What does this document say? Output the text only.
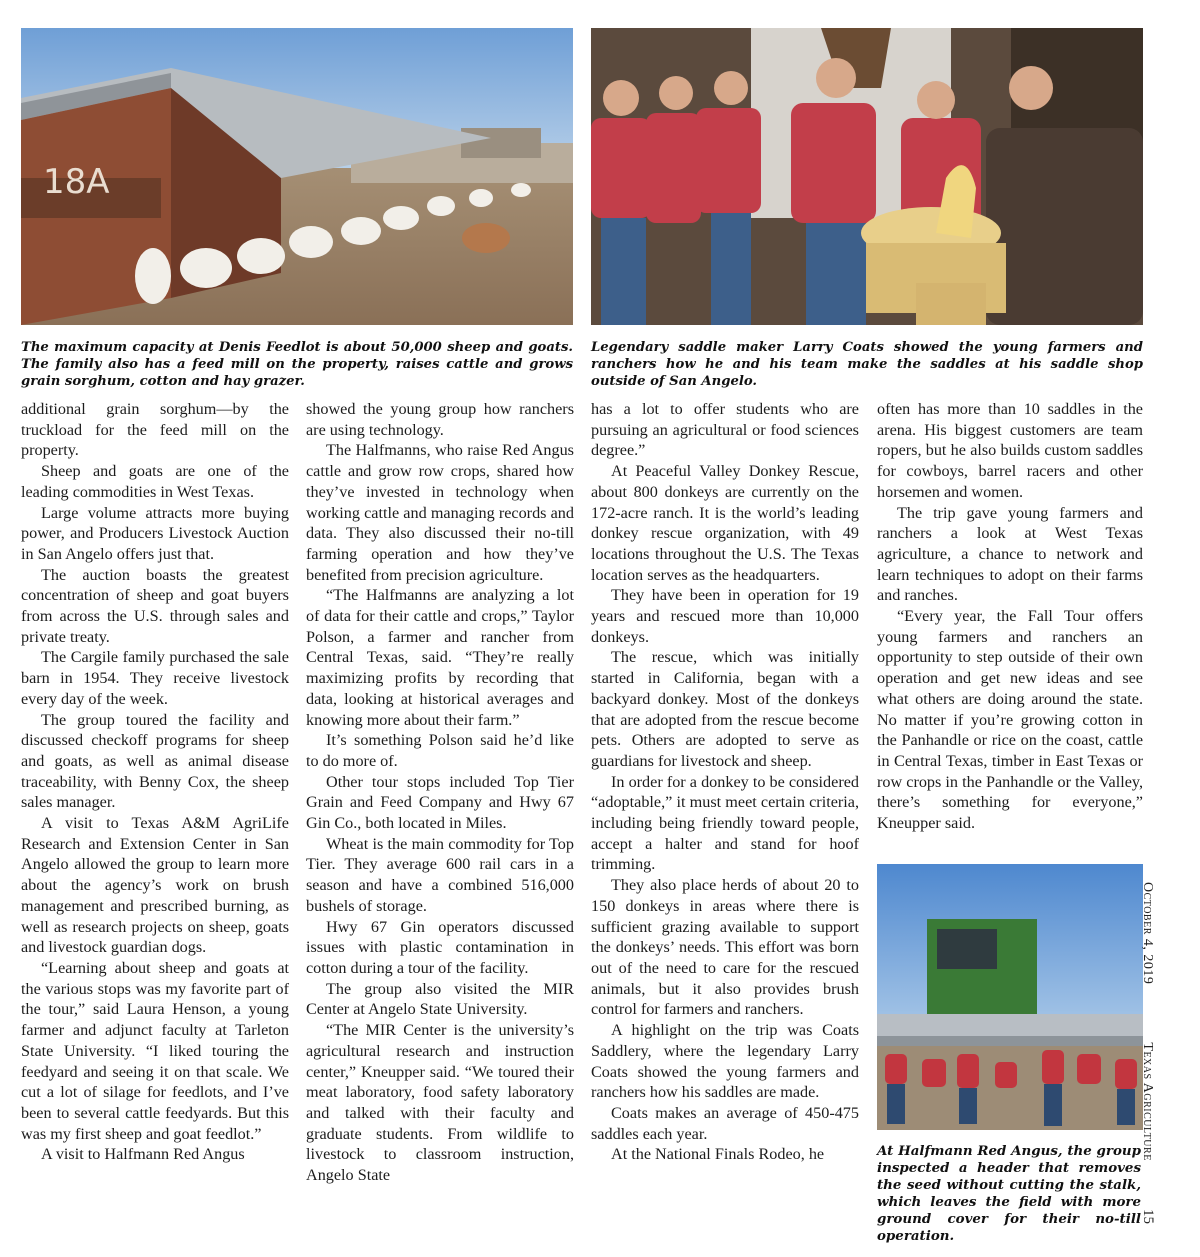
18A
The maximum capacity at Denis Feedlot is about 50,000 sheep and goats. The family also has a feed mill on the property, raises cattle and grows grain sorghum, cotton and hay grazer.
Legendary saddle maker Larry Coats showed the young farmers and ranchers how he and his team make the saddles at his saddle shop outside of San Angelo.

additional grain sorghum—by the truckload for the feed mill on the property.

Sheep and goats are one of the leading commodities in West Texas.

Large volume attracts more buying power, and Producers Livestock Auction in San Angelo offers just that.

The auction boasts the greatest concentration of sheep and goat buyers from across the U.S. through sales and private treaty.

The Cargile family purchased the sale barn in 1954. They receive livestock every day of the week.

The group toured the facility and discussed checkoff programs for sheep and goats, as well as animal disease traceability, with Benny Cox, the sheep sales manager.

A visit to Texas A&M AgriLife Research and Extension Center in San Angelo allowed the group to learn more about the agency’s work on brush management and prescribed burning, as well as research projects on sheep, goats and livestock guardian dogs.

“Learning about sheep and goats at the various stops was my favorite part of the tour,” said Laura Henson, a young farmer and adjunct faculty at Tarleton State University. “I liked touring the feedyard and seeing it on that scale. We cut a lot of silage for feedlots, and I’ve been to several cattle feedyards. But this was my first sheep and goat feedlot.”

A visit to Halfmann Red Angus

showed the young group how ranchers are using technology.

The Halfmanns, who raise Red Angus cattle and grow row crops, shared how they’ve invested in technology when working cattle and managing records and data. They also discussed their no-till farming operation and how they’ve benefited from precision agriculture.

“The Halfmanns are analyzing a lot of data for their cattle and crops,” Taylor Polson, a farmer and rancher from Central Texas, said. “They’re really maximizing profits by recording that data, looking at historical averages and knowing more about their farm.”

It’s something Polson said he’d like to do more of.

Other tour stops included Top Tier Grain and Feed Company and Hwy 67 Gin Co., both located in Miles.

Wheat is the main commodity for Top Tier. They average 600 rail cars in a season and have a combined 516,000 bushels of storage.

Hwy 67 Gin operators discussed issues with plastic contamination in cotton during a tour of the facility.

The group also visited the MIR Center at Angelo State University.

“The MIR Center is the university’s agricultural research and instruction center,” Kneupper said. “We toured their meat laboratory, food safety laboratory and talked with their faculty and graduate students. From wildlife to livestock to classroom instruction, Angelo State

has a lot to offer students who are pursuing an agricultural or food sciences degree.”

At Peaceful Valley Donkey Rescue, about 800 donkeys are currently on the 172-acre ranch. It is the world’s leading donkey rescue organization, with 49 locations throughout the U.S. The Texas location serves as the headquarters.

They have been in operation for 19 years and rescued more than 10,000 donkeys.

The rescue, which was initially started in California, began with a backyard donkey. Most of the donkeys that are adopted from the rescue become pets. Others are adopted to serve as guardians for livestock and sheep.

In order for a donkey to be considered “adoptable,” it must meet certain criteria, including being friendly toward people, accept a halter and stand for hoof trimming.

They also place herds of about 20 to 150 donkeys in areas where there is sufficient grazing available to support the donkeys’ needs. This effort was born out of the need to care for the rescued animals, but it also provides brush control for farmers and ranchers.

A highlight on the trip was Coats Saddlery, where the legendary Larry Coats showed the young farmers and ranchers how his saddles are made.

Coats makes an average of 450-475 saddles each year.

At the National Finals Rodeo, he

often has more than 10 saddles in the arena. His biggest customers are team ropers, but he also builds custom saddles for cowboys, barrel racers and other horsemen and women.

The trip gave young farmers and ranchers a look at West Texas agriculture, a chance to network and learn techniques to adopt on their farms and ranches.

“Every year, the Fall Tour offers young farmers and ranchers an opportunity to step outside of their own operation and get new ideas and see what others are doing around the state. No matter if you’re growing cotton in the Panhandle or rice on the coast, cattle in Central Texas, timber in East Texas or row crops in the Panhandle or the Valley, there’s something for everyone,” Kneupper said.

At Halfmann Red Angus, the group inspected a header that removes the seed without cutting the stalk, which leaves the field with more ground cover for their no-till operation.
October 4, 2019Texas Agriculture
15
